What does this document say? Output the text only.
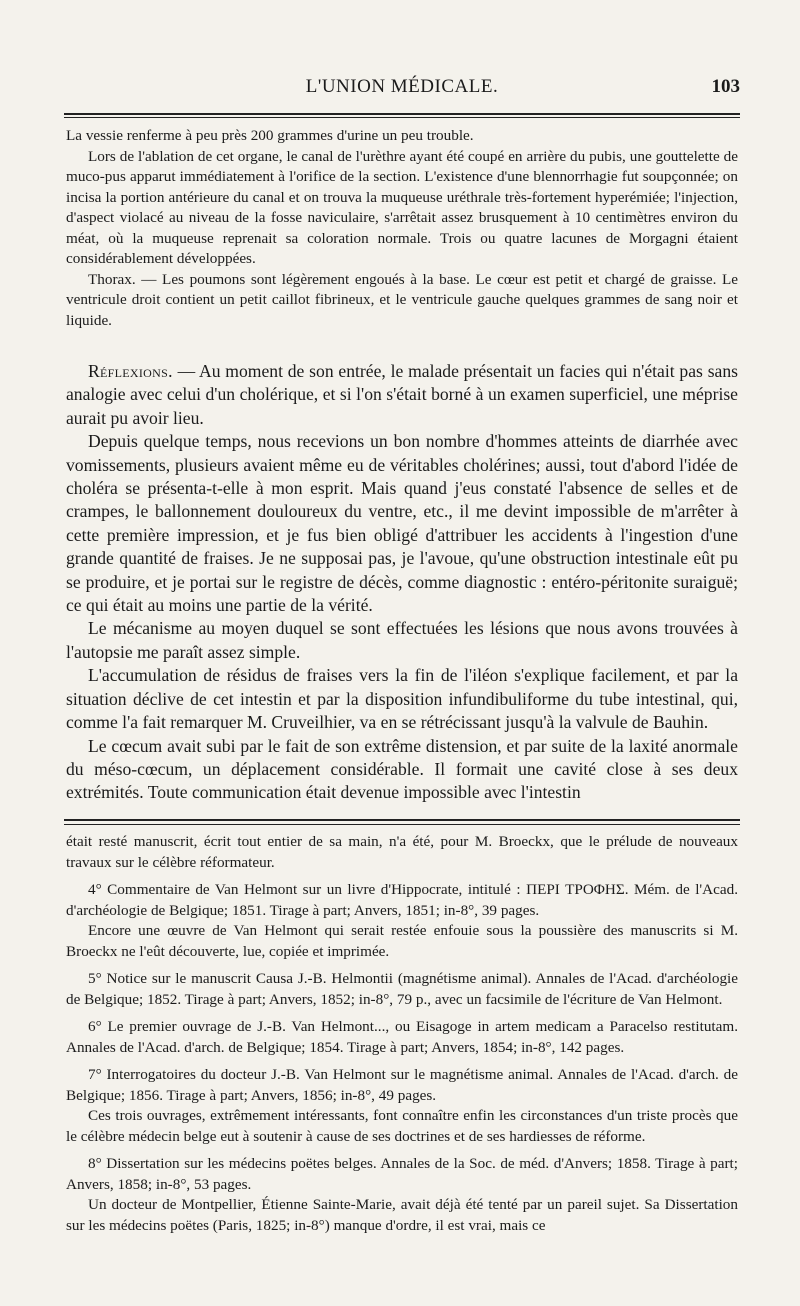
L'UNION MÉDICALE.	103

La vessie renferme à peu près 200 grammes d'urine un peu trouble.

Lors de l'ablation de cet organe, le canal de l'urèthre ayant été coupé en arrière du pubis, une gouttelette de muco-pus apparut immédiatement à l'orifice de la section. L'existence d'une blennorrhagie fut soupçonnée; on incisa la portion antérieure du canal et on trouva la muqueuse uréthrale très-fortement hyperémiée; l'injection, d'aspect violacé au niveau de la fosse naviculaire, s'arrêtait assez brusquement à 10 centimètres environ du méat, où la muqueuse reprenait sa coloration normale. Trois ou quatre lacunes de Morgagni étaient considérablement développées.

Thorax. — Les poumons sont légèrement engoués à la base. Le cœur est petit et chargé de graisse. Le ventricule droit contient un petit caillot fibrineux, et le ventricule gauche quelques grammes de sang noir et liquide.

Réflexions. — Au moment de son entrée, le malade présentait un facies qui n'était pas sans analogie avec celui d'un cholérique, et si l'on s'était borné à un examen superficiel, une méprise aurait pu avoir lieu.

Depuis quelque temps, nous recevions un bon nombre d'hommes atteints de diarrhée avec vomissements, plusieurs avaient même eu de véritables cholérines; aussi, tout d'abord l'idée de choléra se présenta-t-elle à mon esprit. Mais quand j'eus constaté l'absence de selles et de crampes, le ballonnement douloureux du ventre, etc., il me devint impossible de m'arrêter à cette première impression, et je fus bien obligé d'attribuer les accidents à l'ingestion d'une grande quantité de fraises. Je ne supposai pas, je l'avoue, qu'une obstruction intestinale eût pu se produire, et je portai sur le registre de décès, comme diagnostic : entéro-péritonite suraiguë; ce qui était au moins une partie de la vérité.

Le mécanisme au moyen duquel se sont effectuées les lésions que nous avons trouvées à l'autopsie me paraît assez simple.

L'accumulation de résidus de fraises vers la fin de l'iléon s'explique facilement, et par la situation déclive de cet intestin et par la disposition infundibuliforme du tube intestinal, qui, comme l'a fait remarquer M. Cruveilhier, va en se rétrécissant jusqu'à la valvule de Bauhin.

Le cœcum avait subi par le fait de son extrême distension, et par suite de la laxité anormale du méso-cœcum, un déplacement considérable. Il formait une cavité close à ses deux extrémités. Toute communication était devenue impossible avec l'intestin

était resté manuscrit, écrit tout entier de sa main, n'a été, pour M. Broeckx, que le prélude de nouveaux travaux sur le célèbre réformateur.

4° Commentaire de Van Helmont sur un livre d'Hippocrate, intitulé : ΠΕΡΙ ΤΡΟΦΗΣ. Mém. de l'Acad. d'archéologie de Belgique; 1851. Tirage à part; Anvers, 1851; in-8°, 39 pages.

Encore une œuvre de Van Helmont qui serait restée enfouie sous la poussière des manuscrits si M. Broeckx ne l'eût découverte, lue, copiée et imprimée.

5° Notice sur le manuscrit Causa J.-B. Helmontii (magnétisme animal). Annales de l'Acad. d'archéologie de Belgique; 1852. Tirage à part; Anvers, 1852; in-8°, 79 p., avec un facsimile de l'écriture de Van Helmont.

6° Le premier ouvrage de J.-B. Van Helmont..., ou Eisagoge in artem medicam a Paracelso restitutam. Annales de l'Acad. d'arch. de Belgique; 1854. Tirage à part; Anvers, 1854; in-8°, 142 pages.

7° Interrogatoires du docteur J.-B. Van Helmont sur le magnétisme animal. Annales de l'Acad. d'arch. de Belgique; 1856. Tirage à part; Anvers, 1856; in-8°, 49 pages.

Ces trois ouvrages, extrêmement intéressants, font connaître enfin les circonstances d'un triste procès que le célèbre médecin belge eut à soutenir à cause de ses doctrines et de ses hardiesses de réforme.

8° Dissertation sur les médecins poëtes belges. Annales de la Soc. de méd. d'Anvers; 1858. Tirage à part; Anvers, 1858; in-8°, 53 pages.

Un docteur de Montpellier, Étienne Sainte-Marie, avait déjà été tenté par un pareil sujet. Sa Dissertation sur les médecins poëtes (Paris, 1825; in-8°) manque d'ordre, il est vrai, mais ce
